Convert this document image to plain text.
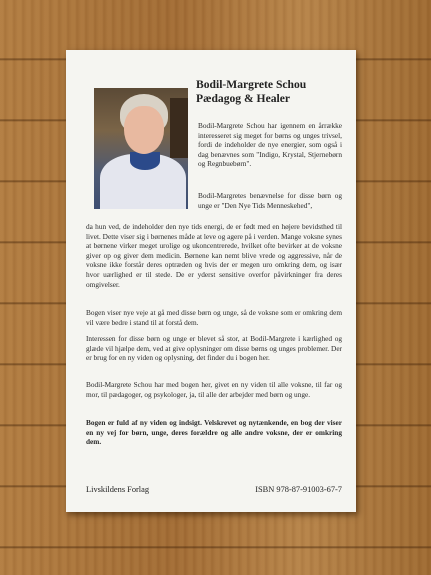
Bodil-Margrete Schou
Pædagog & Healer
Bodil-Margrete Schou har igennem en årrække interesseret sig meget for børns og unges trivsel, fordi de indeholder de nye energier, som også i dag benævnes som "Indigo, Krystal, Stjernebørn og Regnbuebørn".
Bodil-Margretes benævnelse for disse børn og unge er "Den Nye Tids Menneskehed",
da hun ved, de indeholder den nye tids energi, de er født med en højere bevidsthed til livet. Dette viser sig i børnenes måde at leve og agere på i verden. Mange voksne synes at børnene virker meget urolige og ukoncentrerede, hvilket ofte bevirker at de voksne giver op og giver dem medicin. Børnene kan nemt blive vrede og aggressive, når de voksne ikke forstår deres optræden og hvis der er megen uro omkring dem, og især hvor uærlighed er til stede. De er yderst sensitive overfor påvirkninger fra deres omgivelser.
Bogen viser nye veje at gå med disse børn og unge, så de voksne som er omkring dem vil være bedre i stand til at forstå dem.
Interessen for disse børn og unge er blevet så stor, at Bodil-Margrete i kærlighed og glæde vil hjælpe dem, ved at give oplysninger om disse børns og unges problemer. Der er brug for en ny viden og oplysning, det finder du i bogen her.
Bodil-Margrete Schou har med bogen her, givet en ny viden til alle voksne, til far og mor, til pædagoger, og psykologer, ja, til alle der arbejder med børn og unge.
Bogen er fuld af ny viden og indsigt. Velskrevet og nytænkende, en bog der viser en ny vej for børn, unge, deres forældre og alle andre voksne, der er omkring dem.
Livskildens Forlag	ISBN 978-87-91003-67-7
